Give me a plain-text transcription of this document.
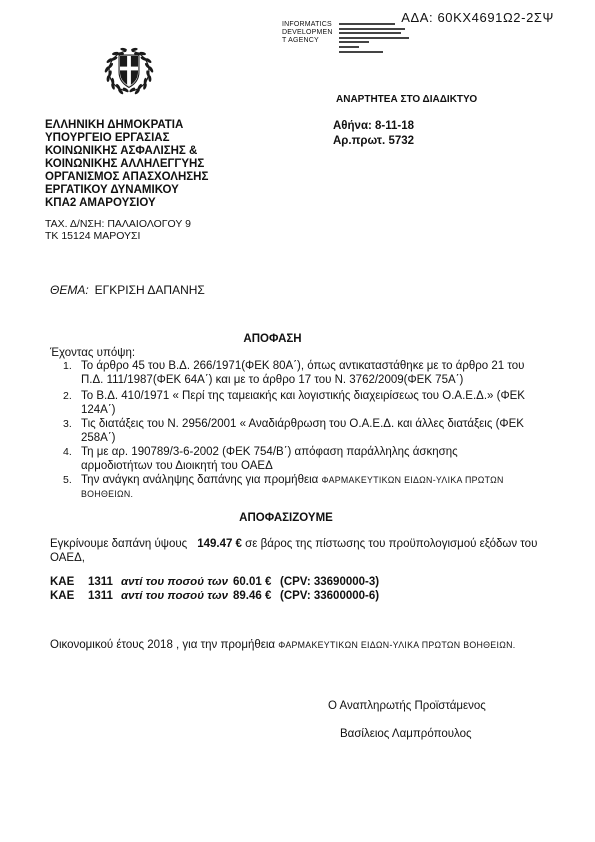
ΑΔΑ: 60ΚΧ4691Ω2-2ΣΨ
INFORMATICS
DEVELOPMEN
T AGENCY
ΑΝΑΡΤΗΤΕΑ ΣΤΟ ΔΙΑΔΙΚΤΥΟ
ΕΛΛΗΝΙΚΗ ΔΗΜΟΚΡΑΤΙΑ
ΥΠΟΥΡΓΕΙΟ ΕΡΓΑΣΙΑΣ
ΚΟΙΝΩΝΙΚΗΣ ΑΣΦΑΛΙΣΗΣ &
ΚΟΙΝΩΝΙΚΗΣ ΑΛΛΗΛΕΓΓΥΗΣ
ΟΡΓΑΝΙΣΜΟΣ ΑΠΑΣΧΟΛΗΣΗΣ
ΕΡΓΑΤΙΚΟΥ ΔΥΝΑΜΙΚΟΥ
ΚΠΑ2 ΑΜΑΡΟΥΣΙΟΥ
ΤΑΧ. Δ/ΝΣΗ: ΠΑΛΑΙΟΛΟΓΟΥ 9
ΤΚ 15124 ΜΑΡΟΥΣΙ
Αθήνα: 8-11-18
Αρ.πρωτ. 5732
ΘΕΜΑ: ΕΓΚΡΙΣΗ ΔΑΠΑΝΗΣ
ΑΠΟΦΑΣΗ
Έχοντας υπόψη:
1. Το άρθρο 45 του Β.Δ. 266/1971(ΦΕΚ 80Α΄), όπως αντικαταστάθηκε με το άρθρο 21 του
Π.Δ. 111/1987(ΦΕΚ 64Α΄) και με το άρθρο 17 του Ν. 3762/2009(ΦΕΚ 75Α΄)
2. Το Β.Δ. 410/1971 « Περί της ταμειακής και λογιστικής διαχειρίσεως του Ο.Α.Ε.Δ.» (ΦΕΚ
124Α΄)
3. Τις διατάξεις του Ν. 2956/2001 « Αναδιάρθρωση του Ο.Α.Ε.Δ. και άλλες διατάξεις (ΦΕΚ
258Α΄)
4. Τη με αρ. 190789/3-6-2002 (ΦΕΚ 754/Β΄) απόφαση παράλληλης άσκησης
αρμοδιοτήτων του Διοικητή του ΟΑΕΔ
5. Την ανάγκη ανάληψης δαπάνης για προμήθεια ΦΑΡΜΑΚΕΥΤΙΚΩΝ ΕΙΔΩΝ-ΥΛΙΚΑ ΠΡΩΤΩΝ
ΒΟΗΘΕΙΩΝ.
ΑΠΟΦΑΣΙΖΟΥΜΕ
Εγκρίνουμε δαπάνη ύψους 149.47 € σε βάρος της πίστωσης του προϋπολογισμού εξόδων του
ΟΑΕΔ,
ΚΑΕ 1311 αντί του ποσού των 60.01 € (CPV: 33690000-3)
ΚΑΕ 1311 αντί του ποσού των 89.46 € (CPV: 33600000-6)
Οικονομικού έτους 2018 , για την προμήθεια ΦΑΡΜΑΚΕΥΤΙΚΩΝ ΕΙΔΩΝ-ΥΛΙΚΑ ΠΡΩΤΩΝ ΒΟΗΘΕΙΩΝ.
Ο Αναπληρωτής Προϊστάμενος
Βασίλειος Λαμπρόπουλος
